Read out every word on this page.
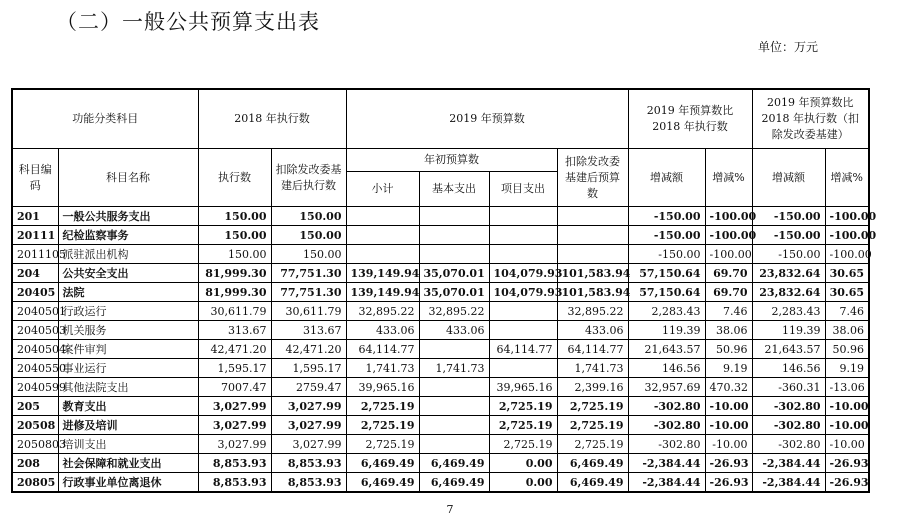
（二）一般公共预算支出表
单位：万元
功能分类科目		2018 年执行数		2019 年预算数				2019 年预算数比 2018 年执行数		2019 年预算数比 2018 年执行数（扣除发改委基建）	
科目编码	科目名称	执行数	扣除发改委基建后执行数	年初预算数			扣除发改委基建后预算数	增减额	增减%	增减额	增减%
				小计	基本支出	项目支出					
201	一般公共服务支出	150.00	150.00					-150.00	-100.00	-150.00	-100.00
20111	纪检监察事务	150.00	150.00					-150.00	-100.00	-150.00	-100.00
2011105	派驻派出机构	150.00	150.00					-150.00	-100.00	-150.00	-100.00
204	公共安全支出	81,999.30	77,751.30	139,149.94	35,070.01	104,079.93	101,583.94	57,150.64	69.70	23,832.64	30.65
20405	法院	81,999.30	77,751.30	139,149.94	35,070.01	104,079.93	101,583.94	57,150.64	69.70	23,832.64	30.65
2040501	行政运行	30,611.79	30,611.79	32,895.22	32,895.22		32,895.22	2,283.43	7.46	2,283.43	7.46
2040503	机关服务	313.67	313.67	433.06	433.06		433.06	119.39	38.06	119.39	38.06
2040504	案件审判	42,471.20	42,471.20	64,114.77		64,114.77	64,114.77	21,643.57	50.96	21,643.57	50.96
2040550	事业运行	1,595.17	1,595.17	1,741.73	1,741.73		1,741.73	146.56	9.19	146.56	9.19
2040599	其他法院支出	7007.47	2759.47	39,965.16		39,965.16	2,399.16	32,957.69	470.32	-360.31	-13.06
205	教育支出	3,027.99	3,027.99	2,725.19		2,725.19	2,725.19	-302.80	-10.00	-302.80	-10.00
20508	进修及培训	3,027.99	3,027.99	2,725.19		2,725.19	2,725.19	-302.80	-10.00	-302.80	-10.00
2050803	培训支出	3,027.99	3,027.99	2,725.19		2,725.19	2,725.19	-302.80	-10.00	-302.80	-10.00
208	社会保障和就业支出	8,853.93	8,853.93	6,469.49	6,469.49	0.00	6,469.49	-2,384.44	-26.93	-2,384.44	-26.93
20805	行政事业单位离退休	8,853.93	8,853.93	6,469.49	6,469.49	0.00	6,469.49	-2,384.44	-26.93	-2,384.44	-26.93
7
